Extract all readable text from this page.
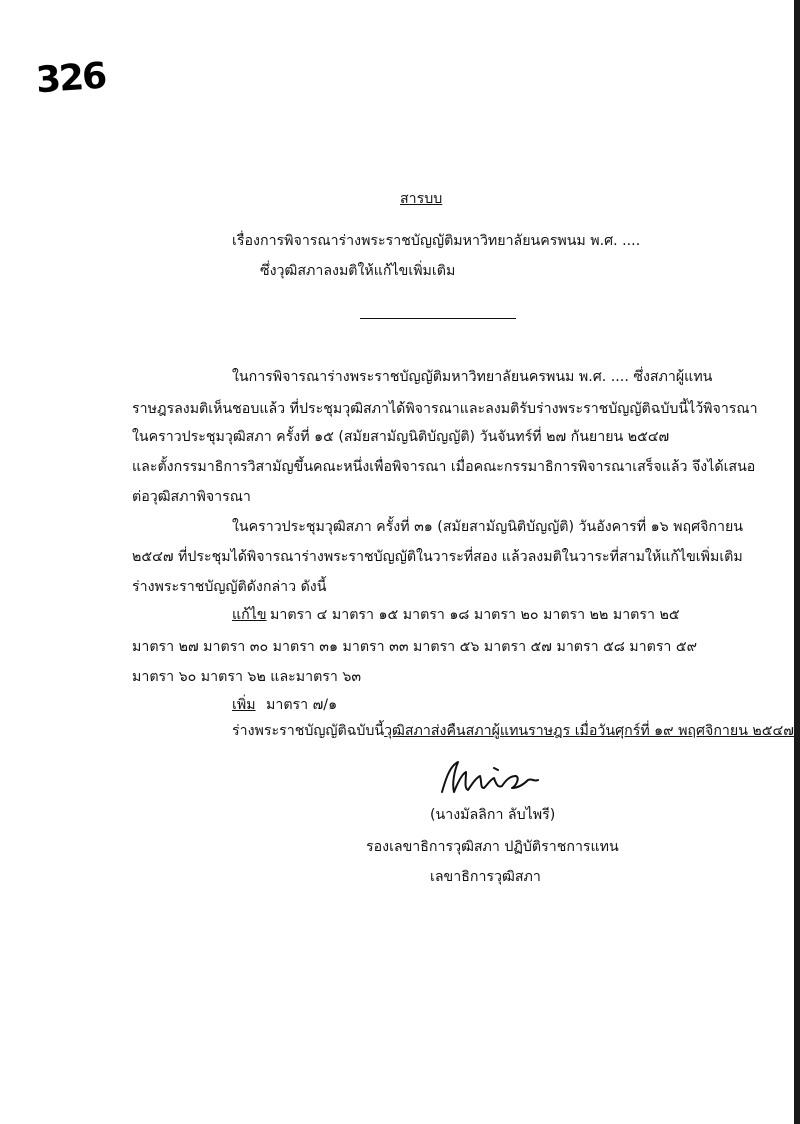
326
สารบบ
เรื่อง การพิจารณาร่างพระราชบัญญัติมหาวิทยาลัยนครพนม พ.ศ. ....
ซึ่งวุฒิสภาลงมติให้แก้ไขเพิ่มเติม
ในการพิจารณาร่างพระราชบัญญัติมหาวิทยาลัยนครพนม พ.ศ. .... ซึ่งสภาผู้แทน
ราษฎรลงมติเห็นชอบแล้ว ที่ประชุมวุฒิสภาได้พิจารณาและลงมติรับร่างพระราชบัญญัติฉบับนี้ไว้พิจารณา
ในคราวประชุมวุฒิสภา ครั้งที่ ๑๕ (สมัยสามัญนิติบัญญัติ) วันจันทร์ที่ ๒๗ กันยายน ๒๕๔๗
และตั้งกรรมาธิการวิสามัญขึ้นคณะหนึ่งเพื่อพิจารณา เมื่อคณะกรรมาธิการพิจารณาเสร็จแล้ว จึงได้เสนอ
ต่อวุฒิสภาพิจารณา
ในคราวประชุมวุฒิสภา ครั้งที่ ๓๑ (สมัยสามัญนิติบัญญัติ) วันอังคารที่ ๑๖ พฤศจิกายน
๒๕๔๗ ที่ประชุมได้พิจารณาร่างพระราชบัญญัติในวาระที่สอง แล้วลงมติในวาระที่สามให้แก้ไขเพิ่มเติม
ร่างพระราชบัญญัติดังกล่าว ดังนี้
แก้ไข มาตรา ๔ มาตรา ๑๕ มาตรา ๑๘ มาตรา ๒๐ มาตรา ๒๒ มาตรา ๒๕
มาตรา ๒๗ มาตรา ๓๐ มาตรา ๓๑ มาตรา ๓๓ มาตรา ๕๖ มาตรา ๕๗ มาตรา ๕๘ มาตรา ๕๙
มาตรา ๖๐ มาตรา ๖๒ และมาตรา ๖๓
เพิ่ม มาตรา ๗/๑
ร่างพระราชบัญญัติฉบับนี้วุฒิสภาส่งคืนสภาผู้แทนราษฎร เมื่อวันศุกร์ที่ ๑๙ พฤศจิกายน ๒๕๔๗
(นางมัลลิกา ลับไพรี)
รองเลขาธิการวุฒิสภา ปฏิบัติราชการแทน
เลขาธิการวุฒิสภา
